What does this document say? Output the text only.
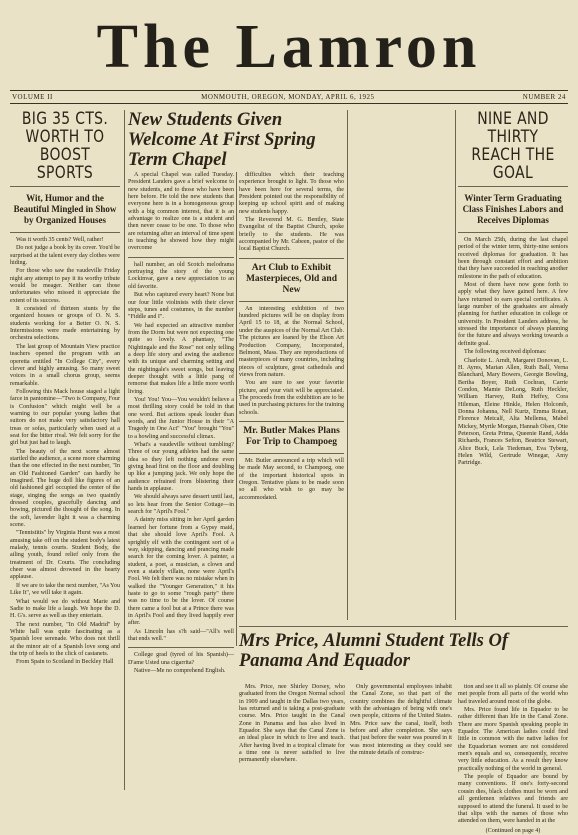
The Lamron
VOLUME II	MONMOUTH, OREGON, MONDAY, APRIL 6, 1925	NUMBER 24
BIG 35 CTS. WORTH TO BOOST SPORTS
Wit, Humor and the Beautiful Mingled in Show by Organized Houses

Was it worth 35 cents? Well, rather!

Do not judge a book by its cover. You'd be surprised at the talent every day clothes were hiding.

For those who saw the vaudeville Friday night any attempt to pay it its worthy tribute would be meager. Neither can those unfortunates who missed it appreciate the extent of its success.

It consisted of thirteen stunts by the organized houses or groups of O. N. S. students working for a Better O. N. S. Intermissions were made entertaining by orchestra selections.

The last group of Mountain View practice teachers opened the program with an operetta entitled "In College City", every clever and highly amusing. So many sweet voices in a small chorus group, seems remarkable.

Following this Mack house staged a light farce in pantomine—"Two is Company, Four is Confusion" which might well be a warning to our popular young ladies that suitors do not make very satisfactory hall treas or sofas, particularly when used at a seat for the bitter rival. We felt sorry for the girl but just had to laugh.

The beauty of the next scene almost startled the audience, a scene more charming than the one effected in the next number, "In an Old Fashioned Garden" can hardly be imagined. The huge doll like figures of an old fashioned girl occupied the center of the stage, singing the songs as two quaintly dressed couples, gracefully dancing and bowing, pictured the thought of the song. In the soft, lavender light it was a charming scene.

"Tennistitis" by Virginia Hurst was a most amusing take off on the student body's latest malady, tennis courts. Student Body, the ailing youth, found relief only from the treatment of Dr. Courts. The concluding cheer was almost drowned in the hearty applause.

If we are to take the next number, "As You Like It", we will take it again.

What would we do without Marie and Sadie to make life a laugh. We hope the D. H. G's. serve as well as they entertain.

The next number, "In Old Madrid" by White hall was quite fascinating as a Spanish love serenade. Who does not thrill at the minor air of a Spanish love song and the trip of heels to the click of castanets.

From Spain to Scotland in Beckley Hall

New Students Given Welcome At First Spring Term Chapel

A special Chapel was called Tuesday. President Landers gave a brief welcome to new students, and to those who have been here before. He told the new students that everyone here is in a homogeneous group with a big common interest, that it is an advantage to realize one is a student and then never cease to be one. To those who are returning after an interval of time spent in teaching he showed how they might overcome

hall number, an old Scotch melodrama portraying the story of the young Lockinvar, gave a new appreciation to an old favorite.

But who captured every heart? None but our four little violinists with their clever steps, tunes and costumes, in the number "Fiddle and I".

We had expected an attractive number from the Dorm but were not expecting one quite so lovely. A phantasy, "The Nightingale and the Rose" not only telling a deep life story and awing the audience with its unique and charming setting and the nightingale's sweet songs, but leaving deeper thought with a little pang of remorse that makes life a little more worth living.

You! You! You—You wouldn't believe a most thrilling story could be told in that one word. But actions speak louder than words, and the Junior House in their "A Tragedy in One Act" "You" brought "You" to a howling and successful climax.

What's a vaudeville without tumbling? Three of our young athletes had the same idea so they left nothing undone even giving head first on the floor and doubling up like a jumping jack. We only hope the audience refrained from blistering their hands in applause.

We should always save dessert until last, so lets hear from the Senior Cottage—in search for "April's Fool."

A dainty miss sitting in her April garden learned her fortune from a Gypsy maid, that she should love April's Fool. A sprightly elf with the contingent sort of a way, skipping, dancing and prancing made search for the coming lover. A painter, a student, a poet, a musician, a clown and even a stately villain, none were April's Fool. We felt there was no mistake when in walked the "Younger Generation," it his haste to go to some "rough party" there was no time to be the lover. Of course there came a fool but at a Prince there was in April's Fool and they lived happily ever after.

As Lincoln has s?h said—"All's well that ends well."

College grad (tyred of his Spanish)—D'ame Usted una cigarrita?

Native—Me no comprehend English.

difficulties which their teaching experience brought to light. To those who have been here for several terms, the President pointed out the responsibility of keeping up school spirit and of making new students happy.

The Reverend M. G. Bentley, State Evangelist of the Baptist Church, spoke briefly to the students. He was accompanied by Mr. Cabeen, pastor of the local Baptist Church.

Art Club to Exhibit Masterpieces, Old and New

An interesting exhibition of two hundred pictures will be on display from April 15 to 18, at the Normal School, under the auspices of the Normal Art Club. The pictures are loaned by the Elson Art Production Company, Incorporated, Belmont, Mass. They are reproductions of masterpieces of many countries, including pieces of sculpture, great cathedrals and views from nature.

You are sure to see your favorite picture, and your visit will be appreciated. The proceeds from the exhibition are to be used in purchasing pictures for the training schools.

Mr. Butler Makes Plans For Trip to Champoeg

Mr. Butler announced a trip which will be made May second, to Champoeg, one of the important historical spots in Oregon. Tentative plans to be made soon so all who wish to go may be accommodated.

NINE AND THIRTY REACH THE GOAL
Winter Term Graduating Class Finishes Labors and Receives Diplomas

On March 25th, during the last chapel period of the winter term, thirty-nine seniors received diplomas for graduation. It has been through constant effort and ambition that they have succeeded in reaching another milestone in the path of education.

Most of them have now gone forth to apply what they have gained here. A few have returned to earn special certificates. A large number of the graduates are already planning for further education in college or university. In President Landers address, he stressed the importance of always planning for the future and always working towards a definite goal.

The following received diplomas:

Charlotte L. Arndt, Margaret Donovan, L. H. Ayres, Marian Allen, Ruth Ball, Verna Blanchard, Mary Bowers, Georgie Bowling, Bertha Boyer, Ruth Cochran, Carrie Condon, Mamie DeLong, Ruth Heckler, William Harvey, Ruth Heffey, Cora Hileman, Eleine Hinkle, Helen Holcomb, Donna Johanna, Nell Kurtz, Emma Rotan, Florence Metcalf, Alta Mellema, Mabel Mickey, Myrtle Morgan, Hannah Olsen, Otte Peterson, Greta Prima, Queenie Rand, Adda Richards, Frances Sefton, Beatrice Stewart, Alice Buck, Lela Tiedeman, Eva Tyberg, Helen Wild, Gertrude Winegar, Amy Partridge.

Mrs Price, Alumni Student Tells Of Panama And Equador

Mrs. Price, nee Shirley Dorsey, who graduated from the Oregon Normal school in 1909 and taught in the Dallas two years, has returned and is taking a post-graduate course. Mrs. Price taught in the Canal Zone in Panama and has also lived in Equador. She says that the Canal Zone is an ideal place in which to live and teach. After having lived in a tropical climate for a time one is never satisfied to live permanently elsewhere.

Only governmental employees inhabit the Canal Zone, so that part of the country combines the delightful climate with the advantages of being with one's own people, citizens of the United States. Mrs. Price saw the canal, itself, both before and after completion. She says that just before the water was poured in it was most interesting as they could see the minute details of construc-

tion and see it all so plainly. Of course she met people from all parts of the world who had traveled around most of the globe.

Mrs. Price found life in Equador to be rather different than life in the Canal Zone. There are more Spanish speaking people in Equador. The American ladies could find little in common with the native ladies for the Equadorian women are not considered men's equals and so, consequently, receive very little education. As a result they know practically nothing of the world in general.

The people of Equador are bound by many conventions. If one's forty-second cousin dies, black clothes must be worn and all gentlemen relatives and friends are supposed to attend the funeral. It used to be that slips with the names of those who attended on them, were handed in at the

(Continued on page 4)
